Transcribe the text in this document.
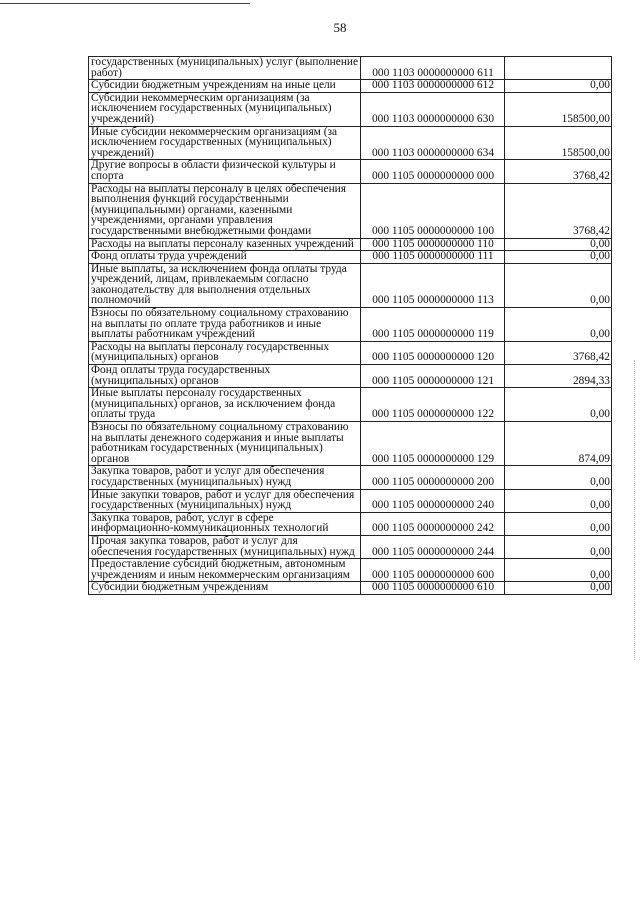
58
государственных (муниципальных) услуг (выполнение работ)	000 1103 0000000000 611	
Субсидии бюджетным учреждениям на иные цели	000 1103 0000000000 612	0,00
Субсидии некоммерческим организациям (за исключением государственных (муниципальных) учреждений)	000 1103 0000000000 630	158500,00
Иные субсидии некоммерческим организациям (за исключением государственных (муниципальных) учреждений)	000 1103 0000000000 634	158500,00
Другие вопросы в области физической культуры и спорта	000 1105 0000000000 000	3768,42
Расходы на выплаты персоналу в целях обеспечения выполнения функций государственными (муниципальными) органами, казенными учреждениями, органами управления государственными внебюджетными фондами	000 1105 0000000000 100	3768,42
Расходы на выплаты персоналу казенных учреждений	000 1105 0000000000 110	0,00
Фонд оплаты труда учреждений	000 1105 0000000000 111	0,00
Иные выплаты, за исключением фонда оплаты труда учреждений, лицам, привлекаемым согласно законодательству для выполнения отдельных полномочий	000 1105 0000000000 113	0,00
Взносы по обязательному социальному страхованию на выплаты по оплате труда работников и иные выплаты работникам учреждений	000 1105 0000000000 119	0,00
Расходы на выплаты персоналу государственных (муниципальных) органов	000 1105 0000000000 120	3768,42
Фонд оплаты труда государственных (муниципальных) органов	000 1105 0000000000 121	2894,33
Иные выплаты персоналу государственных (муниципальных) органов, за исключением фонда оплаты труда	000 1105 0000000000 122	0,00
Взносы по обязательному социальному страхованию на выплаты денежного содержания и иные выплаты работникам государственных (муниципальных) органов	000 1105 0000000000 129	874,09
Закупка товаров, работ и услуг для обеспечения государственных (муниципальных) нужд	000 1105 0000000000 200	0,00
Иные закупки товаров, работ и услуг для обеспечения государственных (муниципальных) нужд	000 1105 0000000000 240	0,00
Закупка товаров, работ, услуг в сфере информационно-коммуникационных технологий	000 1105 0000000000 242	0,00
Прочая закупка товаров, работ и услуг для обеспечения государственных (муниципальных) нужд	000 1105 0000000000 244	0,00
Предоставление субсидий бюджетным, автономным учреждениям и иным некоммерческим организациям	000 1105 0000000000 600	0,00
Субсидии бюджетным учреждениям	000 1105 0000000000 610	0,00
